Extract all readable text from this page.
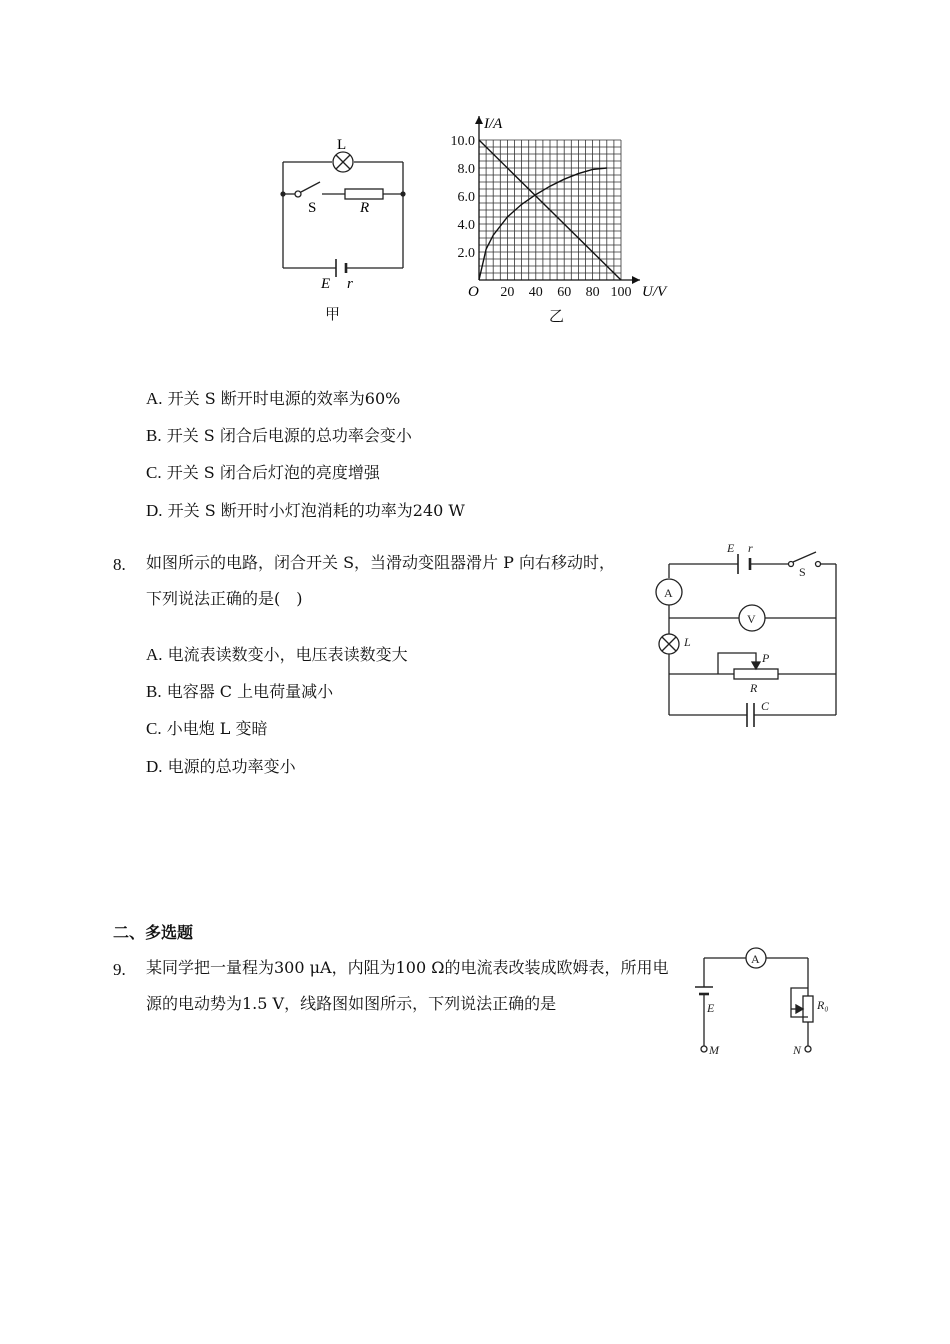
L
S	R
E r
甲
20 40 60 80 100
2.0
4.0
6.0
8.0
10.0
I/A
U/V
O
乙
A. 开关 S 断开时电源的效率为60%
B. 开关 S 闭合后电源的总功率会变小
C. 开关 S 闭合后灯泡的亮度增强
D. 开关 S 断开时小灯泡消耗的功率为240 W
8. 如图所示的电路，闭合开关 S，当滑动变阻器滑片 P 向右移动时，
下列说法正确的是(　)
E r
S
A
V
L
P
R
C
A. 电流表读数变小，电压表读数变大
B. 电容器 C 上电荷量减小
C. 小电炮 L 变暗
D. 电源的总功率变小
二、多选题
9. 某同学把一量程为300 μA，内阻为100 Ω的电流表改装成欧姆表，所用电
源的电动势为1.5 V，线路图如图所示，下列说法正确的是
A
R₀
E
M	N
